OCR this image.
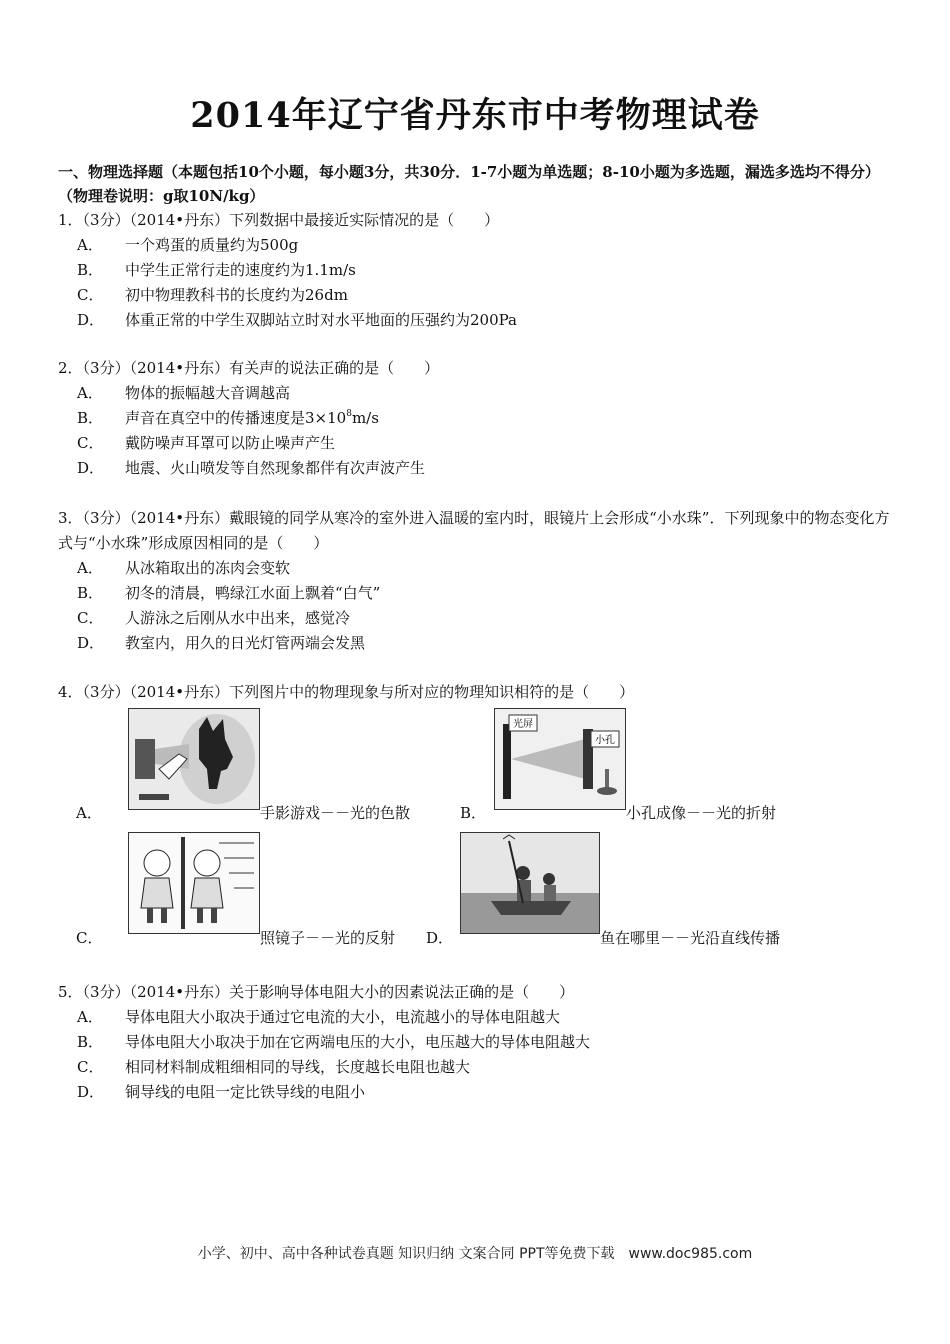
2014年辽宁省丹东市中考物理试卷
一、物理选择题（本题包括10个小题，每小题3分，共30分．1-7小题为单选题；8-10小题为多选题，漏选多选均不得分）（物理卷说明：g取10N/kg）
1．（3分）（2014•丹东）下列数据中最接近实际情况的是（　　）
A．	一个鸡蛋的质量约为500g
B．	中学生正常行走的速度约为1.1m/s
C．	初中物理教科书的长度约为26dm
D．	体重正常的中学生双脚站立时对水平地面的压强约为200Pa
2．（3分）（2014•丹东）有关声的说法正确的是（　　）
A．	物体的振幅越大音调越高
B．	声音在真空中的传播速度是$3\times 10^8m/s$
C．	戴防噪声耳罩可以防止噪声产生
D．	地震、火山喷发等自然现象都伴有次声波产生
3．（3分）（2014•丹东）戴眼镜的同学从寒冷的室外进入温暖的室内时，眼镜片上会形成“小水珠”．下列现象中的物态变化方式与“小水珠”形成原因相同的是（　　）
A．	从冰箱取出的冻肉会变软
B．	初冬的清晨，鸭绿江水面上飘着“白气”
C．	人游泳之后刚从水中出来，感觉冷
D．	教室内，用久的日光灯管两端会发黑
4．（3分）（2014•丹东）下列图片中的物理现象与所对应的物理知识相符的是（　　）
A．	手影游戏－－光的色散
光屏
小孔
B．	小孔成像－－光的折射
C．	照镜子－－光的反射 D．	鱼在哪里－－光沿直线传播
5．（3分）（2014•丹东）关于影响导体电阻大小的因素说法正确的是（　　）
A．	导体电阻大小取决于通过它电流的大小，电流越小的导体电阻越大
B．	导体电阻大小取决于加在它两端电压的大小，电压越大的导体电阻越大
C．	相同材料制成粗细相同的导线，长度越长电阻也越大
D．	铜导线的电阻一定比铁导线的电阻小
小学、初中、高中各种试卷真题 知识归纳 文案合同 PPT等免费下载　www.doc985.com
